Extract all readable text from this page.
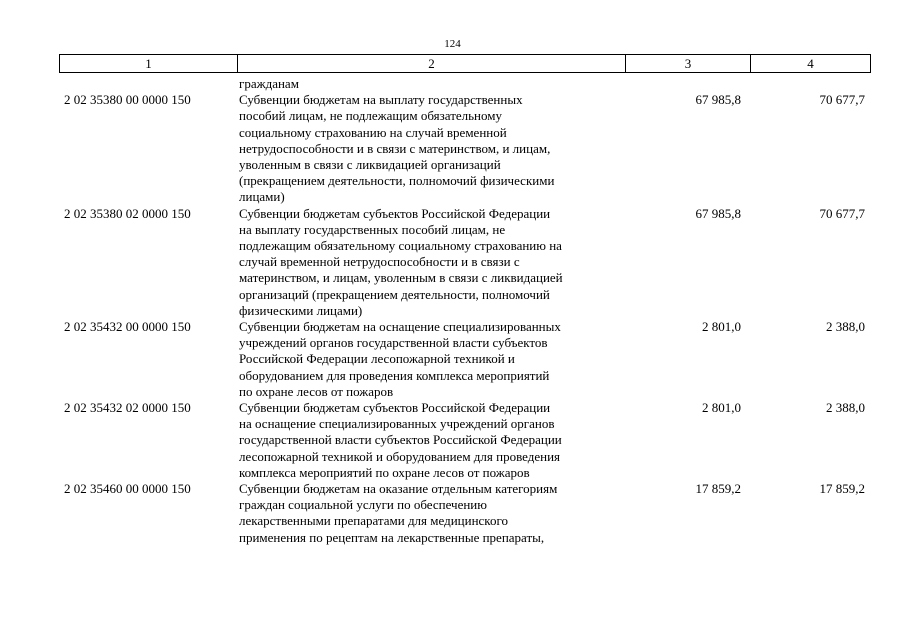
124
1	2	3	4
гражданам
2 02 35380 00 0000 150	Субвенции бюджетам на выплату государственных
пособий лицам, не подлежащим обязательному
социальному страхованию на случай временной
нетрудоспособности и в связи с материнством, и лицам,
уволенным в связи с ликвидацией организаций
(прекращением деятельности, полномочий физическими
лицами)
67 985,8	70 677,7
2 02 35380 02 0000 150	Субвенции бюджетам субъектов Российской Федерации
на выплату государственных пособий лицам, не
подлежащим обязательному социальному страхованию на
случай временной нетрудоспособности и в связи с
материнством, и лицам, уволенным в связи с ликвидацией
организаций (прекращением деятельности, полномочий
физическими лицами)
67 985,8	70 677,7
2 02 35432 00 0000 150	Субвенции бюджетам на оснащение специализированных
учреждений органов государственной власти субъектов
Российской Федерации лесопожарной техникой и
оборудованием для проведения комплекса мероприятий
по охране лесов от пожаров
2 801,0	2 388,0
2 02 35432 02 0000 150	Субвенции бюджетам субъектов Российской Федерации
на оснащение специализированных учреждений органов
государственной власти субъектов Российской Федерации
лесопожарной техникой и оборудованием для проведения
комплекса мероприятий по охране лесов от пожаров
2 801,0	2 388,0
2 02 35460 00 0000 150	Субвенции бюджетам на оказание отдельным категориям
граждан социальной услуги по обеспечению
лекарственными препаратами для медицинского
применения по рецептам на лекарственные препараты,
17 859,2	17 859,2
